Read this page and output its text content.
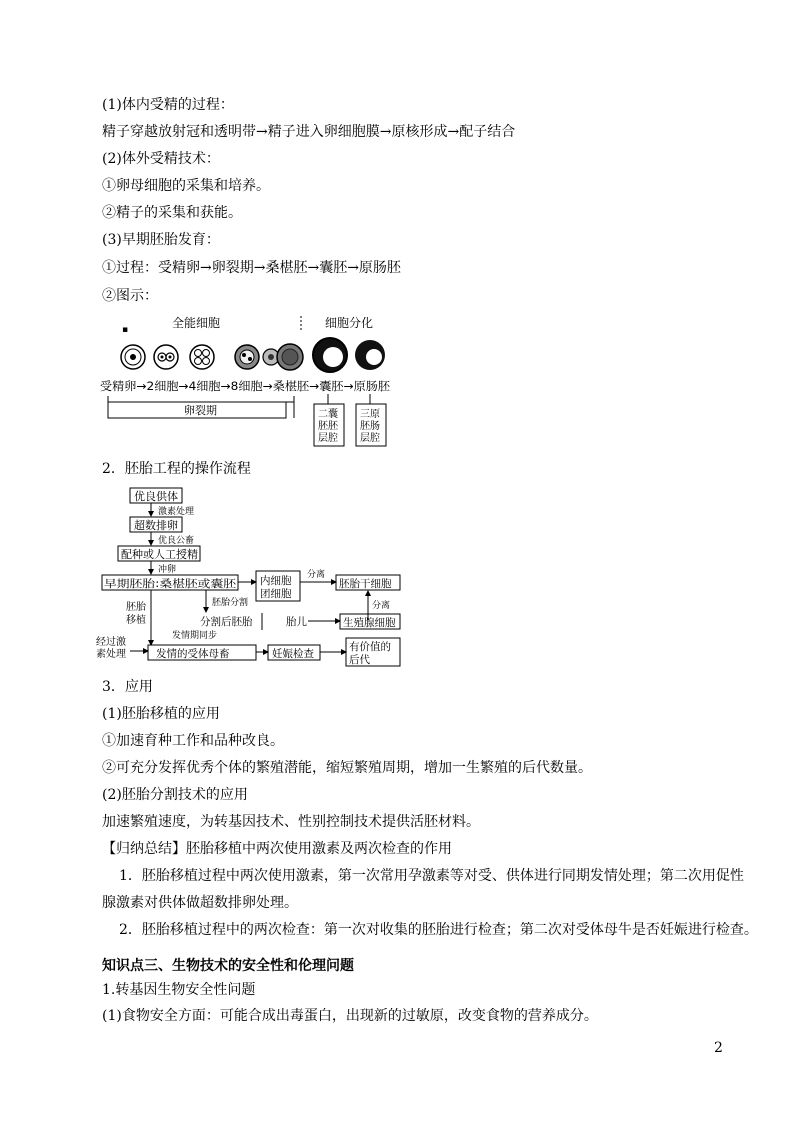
(1)体内受精的过程：
精子穿越放射冠和透明带→精子进入卵细胞膜→原核形成→配子结合
(2)体外受精技术：
①卵母细胞的采集和培养。
②精子的采集和获能。
(3)早期胚胎发育：
①过程：受精卵→卵裂期→桑椹胚→囊胚→原肠胚
②图示：
▪	全能细胞	细胞分化
受精卵→2细胞→4细胞→8细胞→桑椹胚→囊胚→原肠胚
卵裂期	二囊
胚胚
层腔
三原
胚肠
层腔
2．胚胎工程的操作流程
优良供体
激素处理
超数排卵
优良公畜
配种或人工授精
冲卵
早期胚胎:桑椹胚或囊胚	内细胞
团细胞
分离
胚胎干细胞
分离
胚胎分割
胚胎
移植	分割后胚胎	胎儿	生殖腺细胞
发情期同步
经过激
素处理	发情的受体母畜	妊娠检查
有价值的
后代
3．应用
(1)胚胎移植的应用
①加速育种工作和品种改良。
②可充分发挥优秀个体的繁殖潜能，缩短繁殖周期，增加一生繁殖的后代数量。
(2)胚胎分割技术的应用
加速繁殖速度，为转基因技术、性别控制技术提供活胚材料。
【归纳总结】胚胎移植中两次使用激素及两次检查的作用
1．胚胎移植过程中两次使用激素，第一次常用孕激素等对受、供体进行同期发情处理；第二次用促性
腺激素对供体做超数排卵处理。
2．胚胎移植过程中的两次检查：第一次对收集的胚胎进行检查；第二次对受体母牛是否妊娠进行检查。
知识点三、生物技术的安全性和伦理问题
1.转基因生物安全性问题
(1)食物安全方面：可能合成出毒蛋白，出现新的过敏原，改变食物的营养成分。
2
